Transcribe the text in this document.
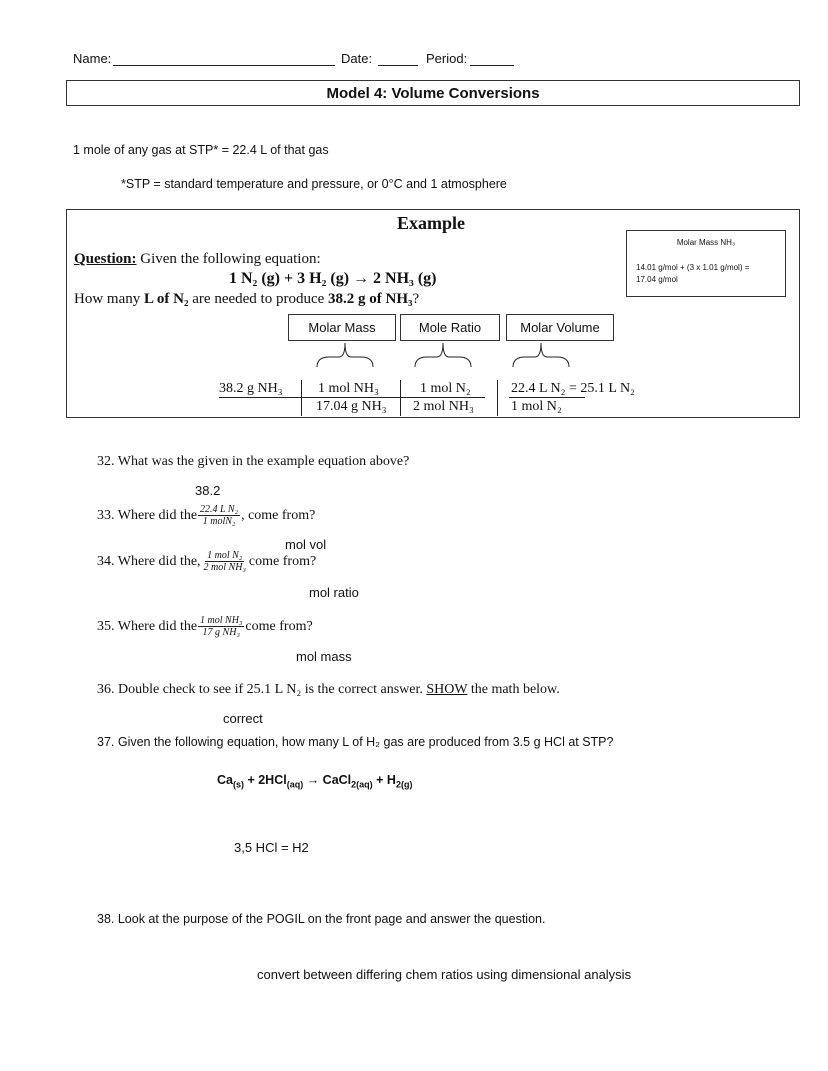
Name:	Date:	Period:
Model 4: Volume Conversions
1 mole of any gas at STP* = 22.4 L of that gas
*STP = standard temperature and pressure, or 0°C and 1 atmosphere
Example
Question: Given the following equation:
1 N₂ (g) + 3 H₂ (g) → 2 NH₃ (g)
How many L of N₂ are needed to produce 38.2 g of NH₃?
Molar Mass NH₃
14.01 g/mol + (3 x 1.01 g/mol) =
17.04 g/mol
Molar Mass	Mole Ratio	Molar Volume
38.2 g NH₃	1 mol NH₃
17.04 g NH₃
1 mol N₂
2 mol NH₃
22.4 L N₂ = 25.1 L N₂
1 mol N₂
32. What was the given in the example equation above?
38.2
33. Where did the $\frac{\text{22.4 L N₂}}{\text{1 molN₂}}$ , come from?
mol vol
34. Where did the, $\frac{\text{1 mol N₂}}{\text{2 mol NH₃}}$ come from?
mol ratio
35. Where did the $\frac{\text{1 mol NH₃}}{\text{17 g NH₃}}$ come from?
mol mass
36. Double check to see if 25.1 L N₂ is the correct answer. SHOW the math below.
correct
37. Given the following equation, how many L of H₂ gas are produced from 3.5 g HCl at STP?
$Ca_{(s)} + 2HCl_{(aq)}$ → CaCl$_{2(aq)}$ + $H_{2(g)}$
3,5 HCl = H2
38. Look at the purpose of the POGIL on the front page and answer the question.
convert between differing chem ratios using dimensional analysis
